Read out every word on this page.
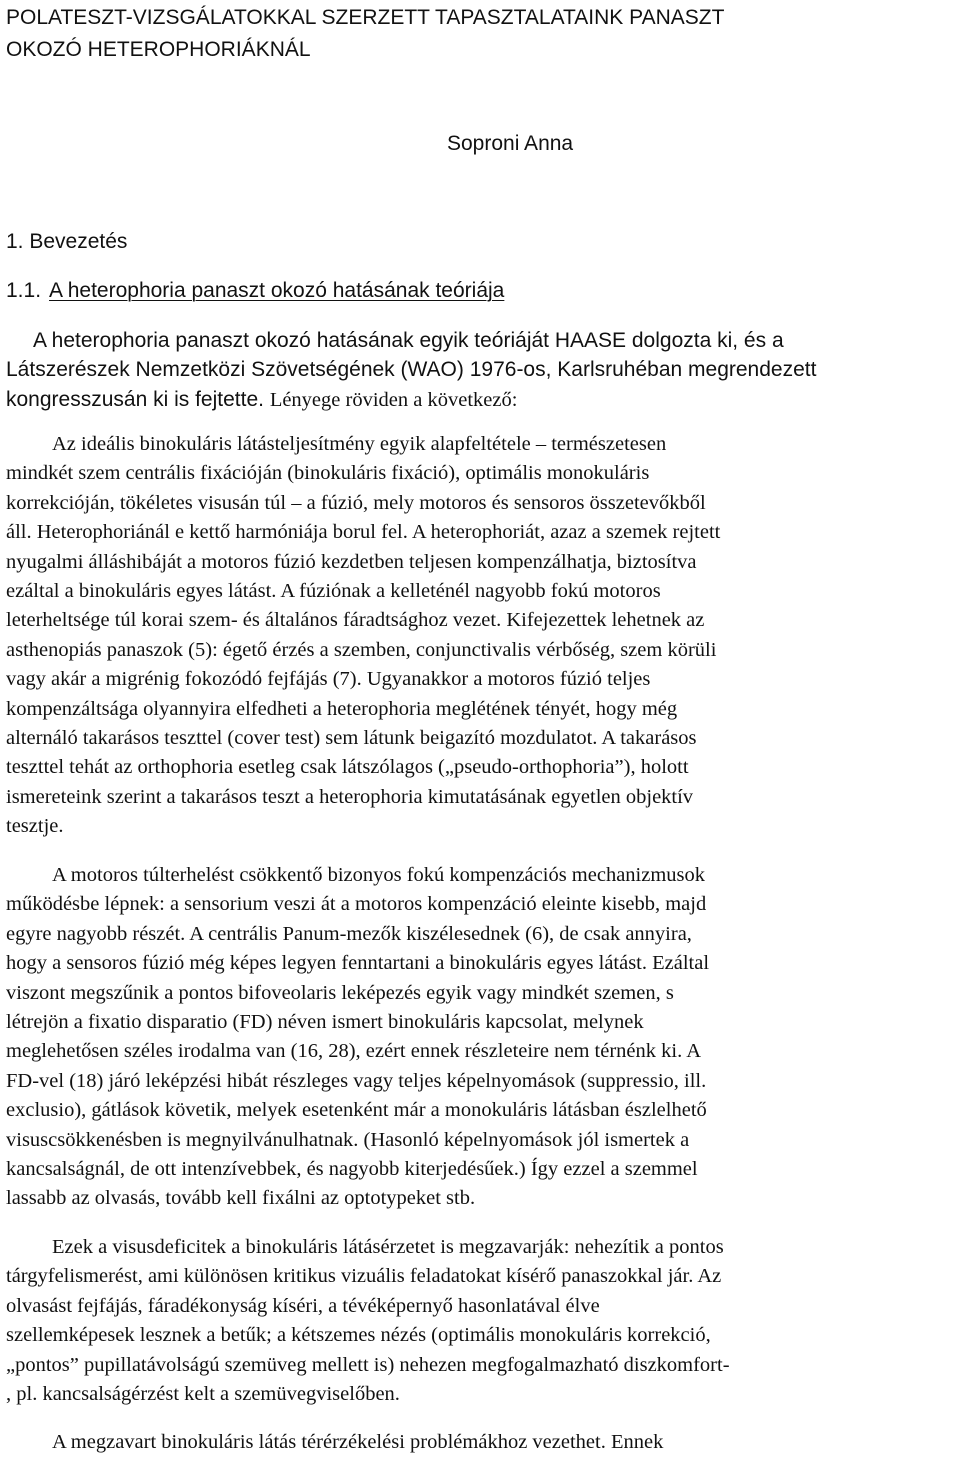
POLATESZT-VIZSGÁLATOKKAL SZERZETT TAPASZTALATAINK PANASZT
OKOZÓ HETEROPHORIÁKNÁL
Soproni Anna
1. Bevezetés
1.1. A heterophoria panaszt okozó hatásának teóriája
A heterophoria panaszt okozó hatásának egyik teóriáját HAASE dolgozta ki, és a
Látszerészek Nemzetközi Szövetségének (WAO) 1976-os, Karlsruhéban megrendezett
kongresszusán ki is fejtette. Lényege röviden a következő:
Az ideális binokuláris látásteljesítmény egyik alapfeltétele – természetesen
mindkét szem centrális fixációján (binokuláris fixáció), optimális monokuláris
korrekcióján, tökéletes visusán túl – a fúzió, mely motoros és sensoros összetevőkből
áll. Heterophoriánál e kettő harmóniája borul fel. A heterophoriát, azaz a szemek rejtett
nyugalmi álláshibáját a motoros fúzió kezdetben teljesen kompenzálhatja, biztosítva
ezáltal a binokuláris egyes látást. A fúziónak a kelleténél nagyobb fokú motoros
leterheltsége túl korai szem- és általános fáradtsághoz vezet. Kifejezettek lehetnek az
asthenopiás panaszok (5): égető érzés a szemben, conjunctivalis vérbőség, szem körüli
vagy akár a migrénig fokozódó fejfájás (7). Ugyanakkor a motoros fúzió teljes
kompenzáltsága olyannyira elfedheti a heterophoria meglétének tényét, hogy még
alternáló takarásos teszttel (cover test) sem látunk beigazító mozdulatot. A takarásos
teszttel tehát az orthophoria esetleg csak látszólagos („pseudo-orthophoria”), holott
ismereteink szerint a takarásos teszt a heterophoria kimutatásának egyetlen objektív
tesztje.
A motoros túlterhelést csökkentő bizonyos fokú kompenzációs mechanizmusok
működésbe lépnek: a sensorium veszi át a motoros kompenzáció eleinte kisebb, majd
egyre nagyobb részét. A centrális Panum-mezők kiszélesednek (6), de csak annyira,
hogy a sensoros fúzió még képes legyen fenntartani a binokuláris egyes látást. Ezáltal
viszont megszűnik a pontos bifoveolaris leképezés egyik vagy mindkét szemen, s
létrejön a fixatio disparatio (FD) néven ismert binokuláris kapcsolat, melynek
meglehetősen széles irodalma van (16, 28), ezért ennek részleteire nem térnénk ki. A
FD-vel (18) járó leképzési hibát részleges vagy teljes képelnyomások (suppressio, ill.
exclusio), gátlások követik, melyek esetenként már a monokuláris látásban észlelhető
visuscsökkenésben is megnyilvánulhatnak. (Hasonló képelnyomások jól ismertek a
kancsalságnál, de ott intenzívebbek, és nagyobb kiterjedésűek.) Így ezzel a szemmel
lassabb az olvasás, tovább kell fixálni az optotypeket stb.
Ezek a visusdeficitek a binokuláris látásérzetet is megzavarják: nehezítik a pontos
tárgyfelismerést, ami különösen kritikus vizuális feladatokat kísérő panaszokkal jár. Az
olvasást fejfájás, fáradékonyság kíséri, a tévéképernyő hasonlatával élve
szellemképesek lesznek a betűk; a kétszemes nézés (optimális monokuláris korrekció,
„pontos” pupillatávolságú szemüveg mellett is) nehezen megfogalmazható diszkomfort-
, pl. kancsalságérzést kelt a szemüvegviselőben.
A megzavart binokuláris látás térérzékelési problémákhoz vezethet. Ennek
